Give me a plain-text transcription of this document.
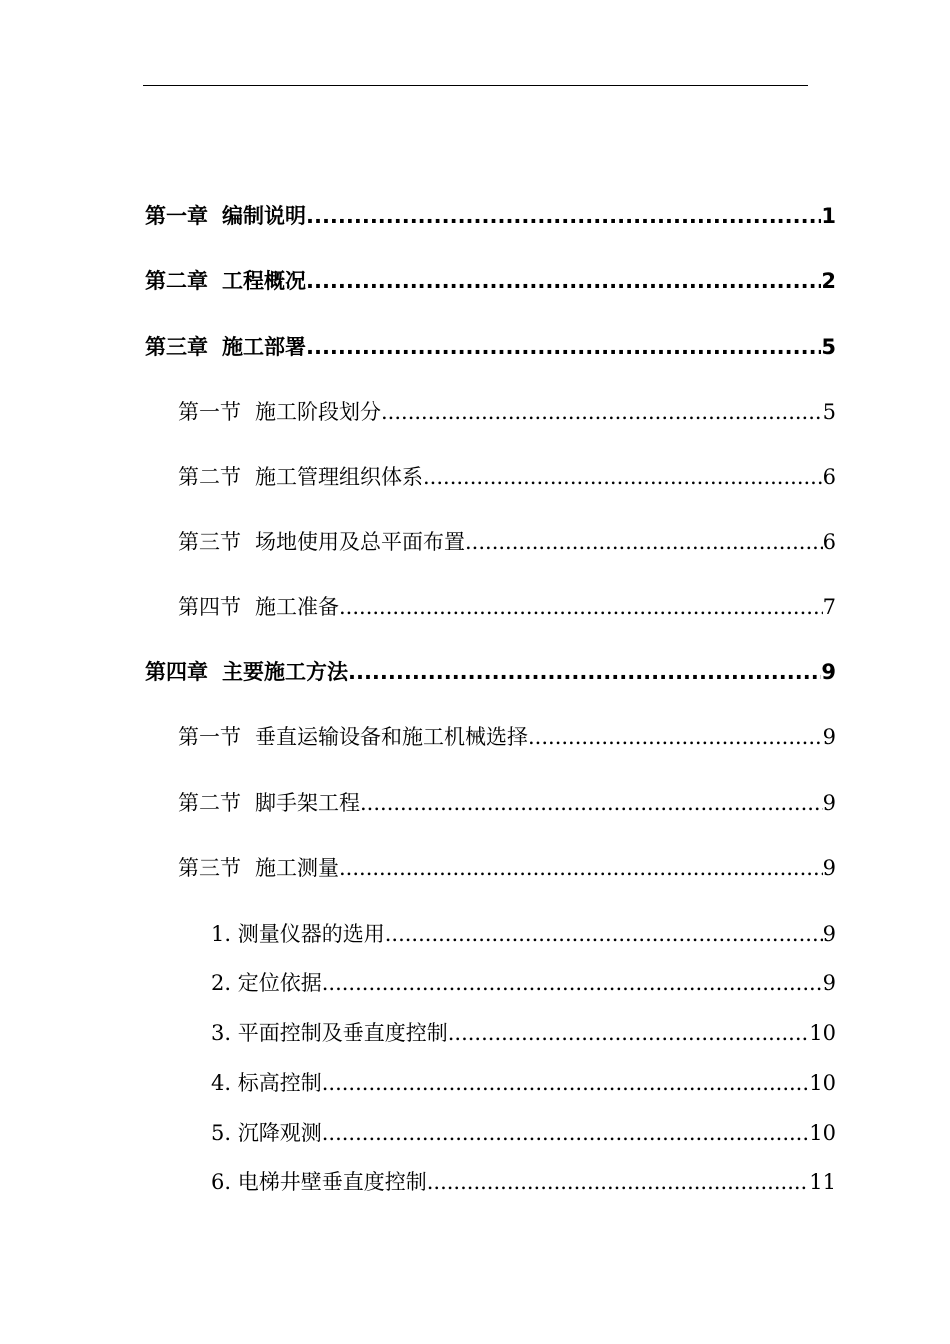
第一章 编制说明 .....	1
第二章 工程概况 .....	2
第三章 施工部署 .....	5
第一节 施工阶段划分 .....	5
第二节 施工管理组织体系 .....	6
第三节 场地使用及总平面布置 .....	6
第四节 施工准备 .....	7
第四章 主要施工方法 .....	9
第一节 垂直运输设备和施工机械选择 .....	9
第二节 脚手架工程 .....	9
第三节 施工测量 .....	9
1. 测量仪器的选用 .....	9
2. 定位依据 .....	9
3. 平面控制及垂直度控制 .....	10
4. 标高控制 .....	10
5. 沉降观测 .....	10
6. 电梯井壁垂直度控制 .....	11
